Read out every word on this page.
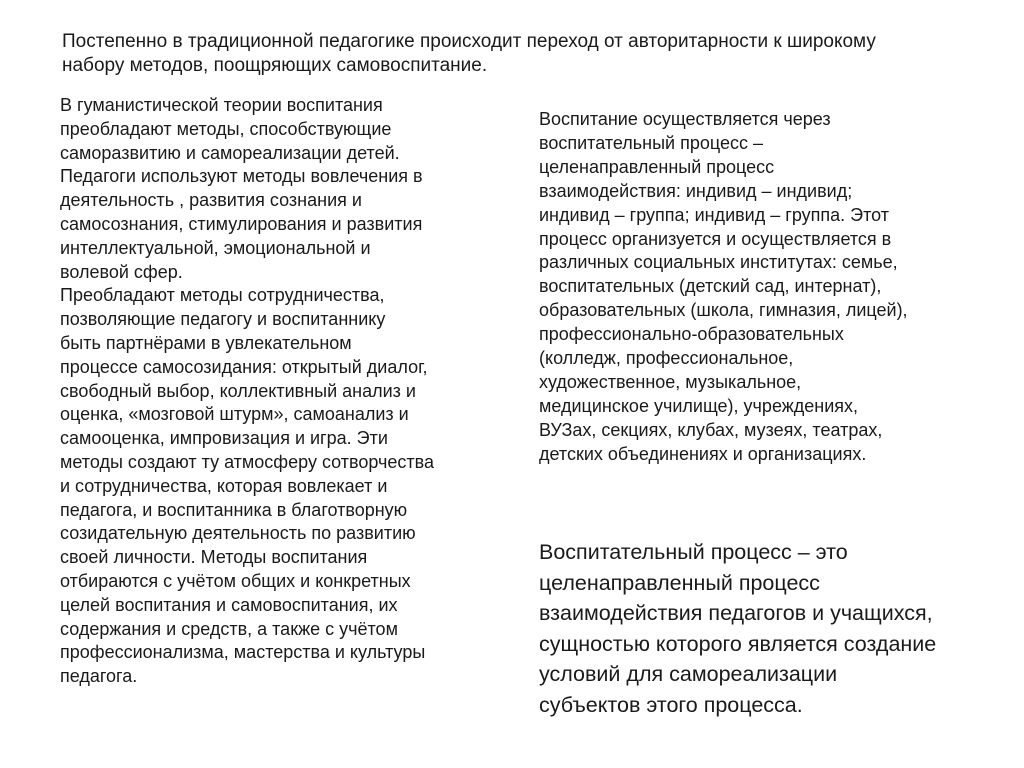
Постепенно в традиционной педагогике происходит переход от авторитарности к широкому
набору методов, поощряющих самовоспитание.
В гуманистической теории воспитания
преобладают методы, способствующие
саморазвитию и самореализации детей.
Педагоги используют методы вовлечения в
деятельность , развития сознания и
самосознания, стимулирования и развития
интеллектуальной, эмоциональной и
волевой сфер.
Преобладают методы сотрудничества,
позволяющие педагогу и воспитаннику
быть партнёрами в увлекательном
процессе самосозидания: открытый диалог,
свободный выбор, коллективный анализ и
оценка, «мозговой штурм», самоанализ и
самооценка, импровизация и игра. Эти
методы создают ту атмосферу сотворчества
и сотрудничества, которая вовлекает и
педагога, и воспитанника в благотворную
созидательную деятельность по развитию
своей личности. Методы воспитания
отбираются с учётом общих и конкретных
целей воспитания и самовоспитания, их
содержания и средств, а также с учётом
профессионализма, мастерства и культуры
педагога.
Воспитание осуществляется через
воспитательный процесс –
целенаправленный процесс
взаимодействия: индивид – индивид;
индивид – группа; индивид – группа. Этот
процесс организуется и осуществляется в
различных социальных институтах: семье,
воспитательных (детский сад, интернат),
образовательных (школа, гимназия, лицей),
профессионально-образовательных
(колледж, профессиональное,
художественное, музыкальное,
медицинское училище), учреждениях,
ВУЗах, секциях, клубах, музеях, театрах,
детских объединениях и организациях.
Воспитательный процесс – это
целенаправленный процесс
взаимодействия педагогов и учащихся,
сущностью которого является создание
условий для самореализации
субъектов этого процесса.
